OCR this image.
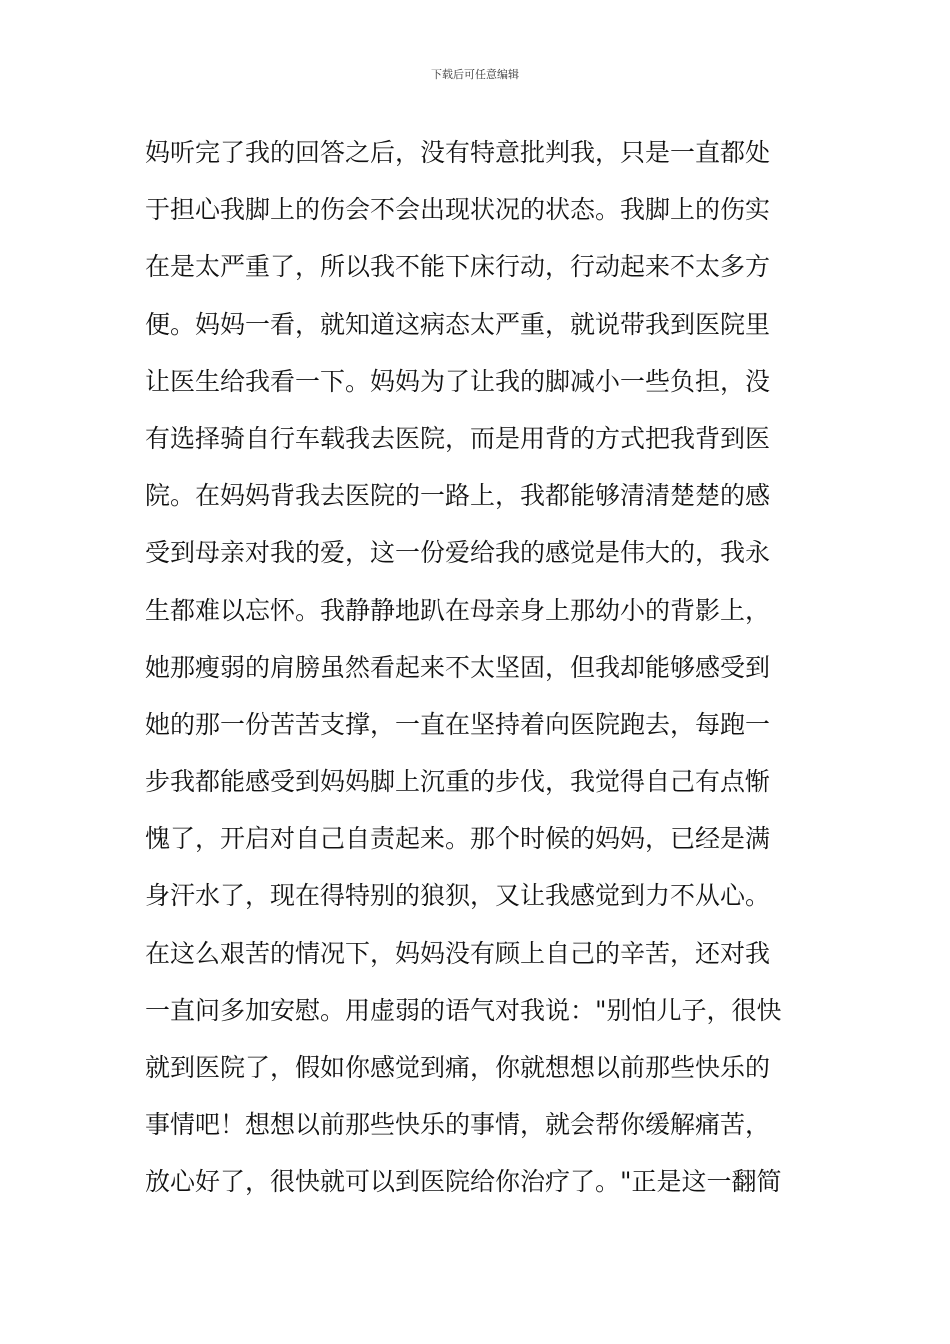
下载后可任意编辑
妈听完了我的回答之后，没有特意批判我，只是一直都处
于担心我脚上的伤会不会出现状况的状态。我脚上的伤实
在是太严重了，所以我不能下床行动，行动起来不太多方
便。妈妈一看，就知道这病态太严重，就说带我到医院里
让医生给我看一下。妈妈为了让我的脚减小一些负担，没
有选择骑自行车载我去医院，而是用背的方式把我背到医
院。在妈妈背我去医院的一路上，我都能够清清楚楚的感
受到母亲对我的爱，这一份爱给我的感觉是伟大的，我永
生都难以忘怀。我静静地趴在母亲身上那幼小的背影上，
她那瘦弱的肩膀虽然看起来不太坚固，但我却能够感受到
她的那一份苦苦支撑，一直在坚持着向医院跑去，每跑一
步我都能感受到妈妈脚上沉重的步伐，我觉得自己有点惭
愧了，开启对自己自责起来。那个时候的妈妈，已经是满
身汗水了，现在得特别的狼狈，又让我感觉到力不从心。
在这么艰苦的情况下，妈妈没有顾上自己的辛苦，还对我
一直问多加安慰。用虚弱的语气对我说："别怕儿子，很快
就到医院了，假如你感觉到痛，你就想想以前那些快乐的
事情吧！想想以前那些快乐的事情，就会帮你缓解痛苦，
放心好了，很快就可以到医院给你治疗了。"正是这一翻简
